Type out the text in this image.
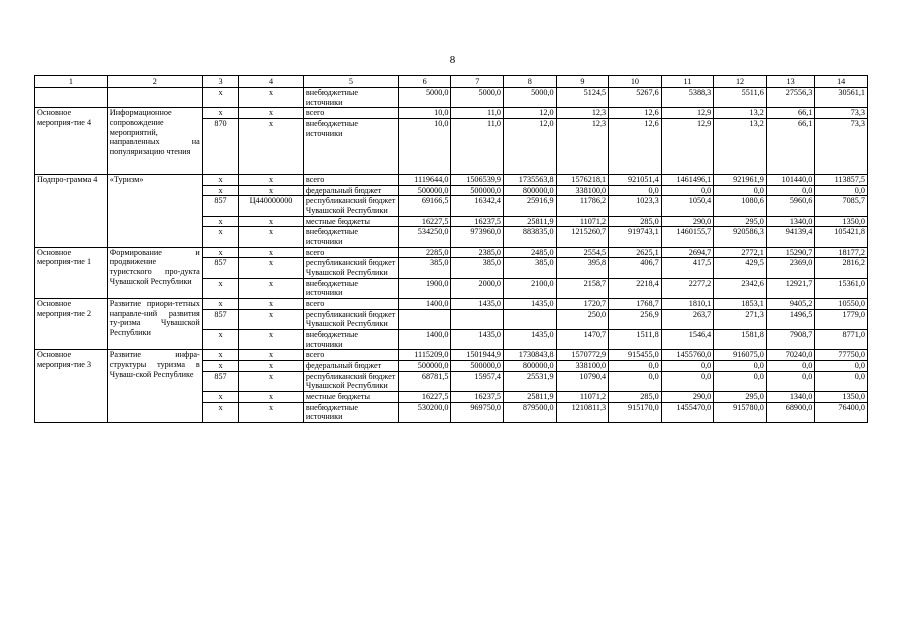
8
1	2	3	4	5	6	7	8	9	10	11	12	13	14
		х	х	внебюджетные источники	5000,0	5000,0	5000,0	5124,5	5267,6	5388,3	5511,6	27556,3	30561,1
Основное мероприя-тие 4	Информационное сопровождение мероприятий, направленных на популяризацию чтения	х	х	всего	10,0	11,0	12,0	12,3	12,6	12,9	13,2	66,1	73,3
		870	х	внебюджетные источники	10,0	11,0	12,0	12,3	12,6	12,9	13,2	66,1	73,3
Подпро-грамма 4	«Туризм»	х	х	всего	1119644,0	1506539,9	1735563,8	1576218,1	921051,4	1461496,1	921961,9	101440,0	113857,5
		х	х	федеральный бюджет	500000,0	500000,0	800000,0	338100,0	0,0	0,0	0,0	0,0	0,0
		857	Ц440000000	республиканский бюджет Чувашской Республики	69166,5	16342,4	25916,9	11786,2	1023,3	1050,4	1080,6	5960,6	7085,7
		х	х	местные бюджеты	16227,5	16237,5	25811,9	11071,2	285,0	290,0	295,0	1340,0	1350,0
		х	х	внебюджетные источники	534250,0	973960,0	883835,0	1215260,7	919743,1	1460155,7	920586,3	94139,4	105421,8
Основное мероприя-тие 1	Формирование и продвижение туристского про-дукта Чувашской Республики	х	х	всего	2285,0	2385,0	2485,0	2554,5	2625,1	2694,7	2772,1	15290,7	18177,2
		857	х	республиканский бюджет Чувашской Республики	385,0	385,0	385,0	395,8	406,7	417,5	429,5	2369,0	2816,2
		х	х	внебюджетные источники	1900,0	2000,0	2100,0	2158,7	2218,4	2277,2	2342,6	12921,7	15361,0
Основное мероприя-тие 2	Развитие приори-тетных направле-ний развития ту-ризма Чувашской Республики	х	х	всего	1400,0	1435,0	1435,0	1720,7	1768,7	1810,1	1853,1	9405,2	10550,0
		857	х	республиканский бюджет Чувашской Республики				250,0	256,9	263,7	271,3	1496,5	1779,0
		х	х	внебюджетные источники	1400,0	1435,0	1435,0	1470,7	1511,8	1546,4	1581,8	7908,7	8771,0
Основное мероприя-тие 3	Развитие инфра-структуры туризма в Чуваш-ской Республике	х	х	всего	1115209,0	1501944,9	1730843,8	1570772,9	915455,0	1455760,0	916075,0	70240,0	77750,0
		х	х	федеральный бюджет	500000,0	500000,0	800000,0	338100,0	0,0	0,0	0,0	0,0	0,0
		857	х	республиканский бюджет Чувашской Республики	68781,5	15957,4	25531,9	10790,4	0,0	0,0	0,0	0,0	0,0
		х	х	местные бюджеты	16227,5	16237,5	25811,9	11071,2	285,0	290,0	295,0	1340,0	1350,0
		х	х	внебюджетные источники	530200,0	969750,0	879500,0	1210811,3	915170,0	1455470,0	915780,0	68900,0	76400,0
